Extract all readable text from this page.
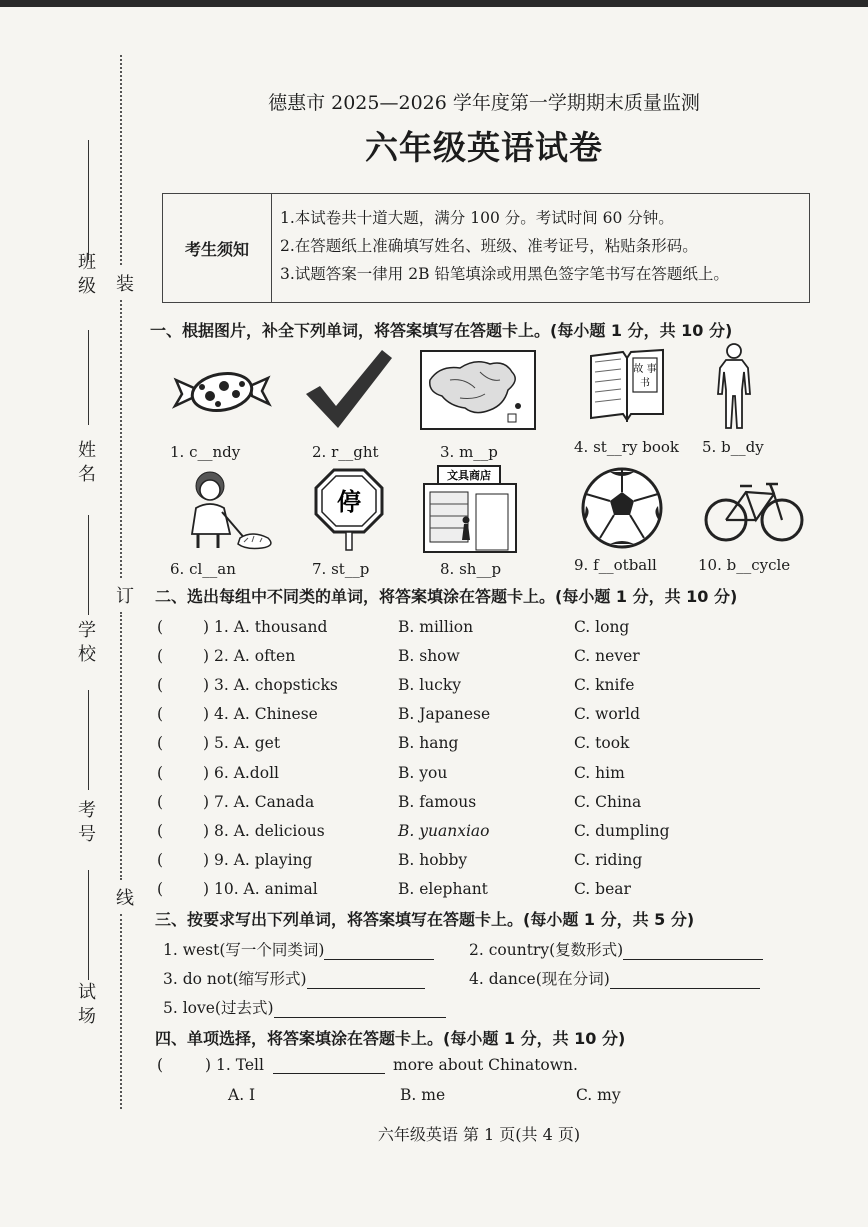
班级
姓名
学校
考号
试场
装
订
线
德惠市 2025—2026 学年度第一学期期末质量监测
六年级英语试卷
考生须知
1.本试卷共十道大题，满分 100 分。考试时间 60 分钟。
2.在答题纸上准确填写姓名、班级、准考证号，粘贴条形码。
3.试题答案一律用 2B 铅笔填涂或用黑色签字笔书写在答题纸上。
一、根据图片，补全下列单词，将答案填写在答题卡上。(每小题 1 分，共 10 分)
故 事
书
1. c__ndy	2. r__ght	3. m__p	4. st__ry book 5. b__dy
停
文具商店
6. cl__an	7. st__p	8. sh__p	9. f__otball	10. b__cycle
二、选出每组中不同类的单词，将答案填涂在答题卡上。(每小题 1 分，共 10 分)
(	) 1. A. thousand	B. million	C. long
(	) 2. A. often	B. show	C. never
(	) 3. A. chopsticks	B. lucky	C. knife
(	) 4. A. Chinese	B. Japanese	C. world
(	) 5. A. get	B. hang	C. took
(	) 6. A.doll	B. you	C. him
(	) 7. A. Canada	B. famous	C. China
(	) 8. A. delicious	B. yuanxiao	C. dumpling
(	) 9. A. playing	B. hobby	C. riding
(	) 10. A. animal	B. elephant	C. bear
三、按要求写出下列单词，将答案填写在答题卡上。(每小题 1 分，共 5 分)
1. west(写一个同类词)	2. country(复数形式)
3. do not(缩写形式)	4. dance(现在分词)
5. love(过去式)
四、单项选择，将答案填涂在答题卡上。(每小题 1 分，共 10 分)
(	) 1. Tell	more about Chinatown.
A. I	B. me	C. my
六年级英语 第 1 页(共 4 页)
